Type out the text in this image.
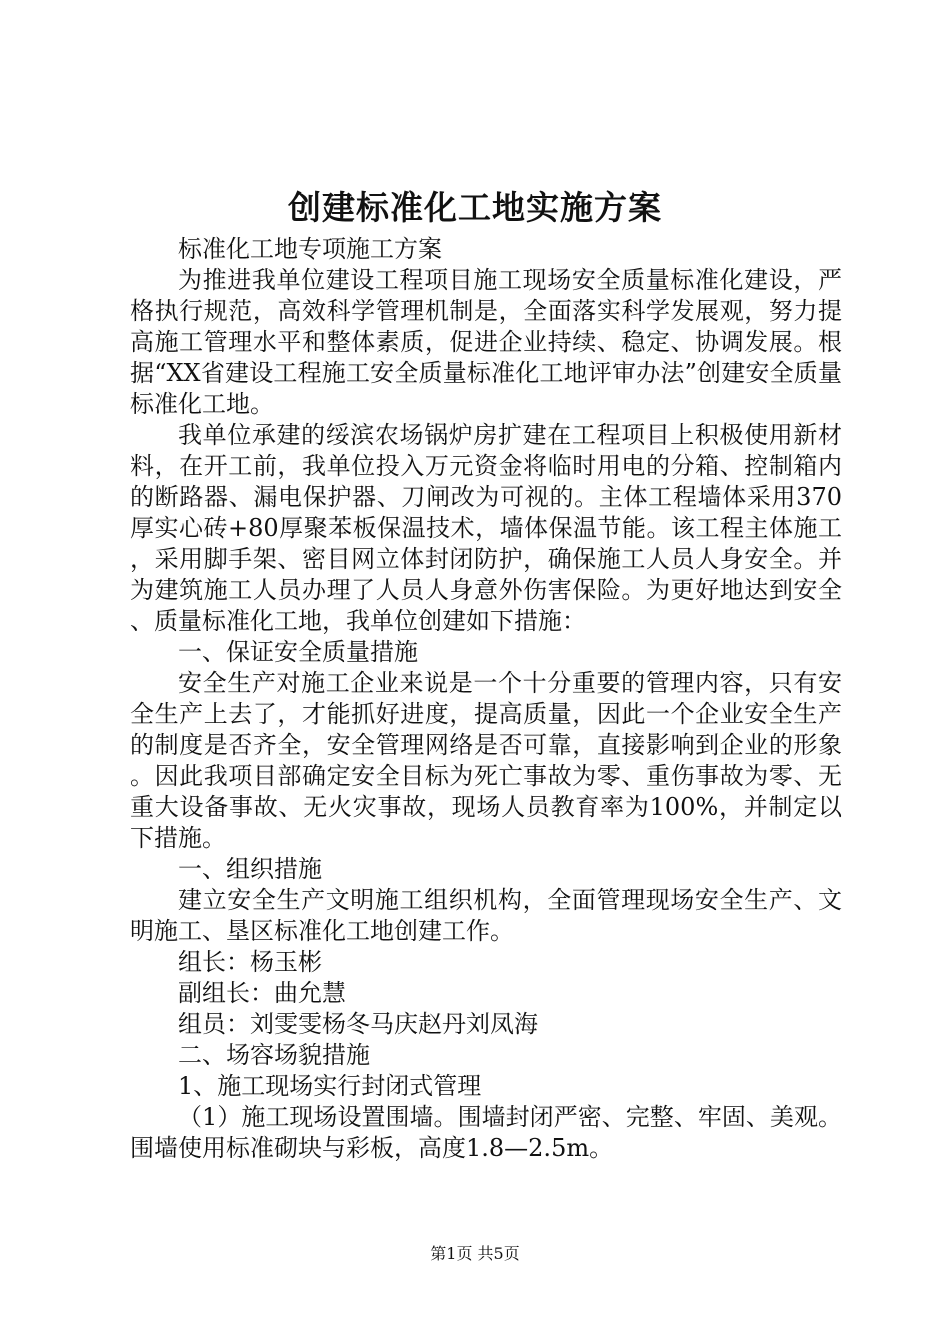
创建标准化工地实施方案

标准化工地专项施工方案

为推进我单位建设工程项目施工现场安全质量标准化建设，严格执行规范，高效科学管理机制是，全面落实科学发展观，努力提高施工管理水平和整体素质，促进企业持续、稳定、协调发展。根据“XX省建设工程施工安全质量标准化工地评审办法”创建安全质量标准化工地。

我单位承建的绥滨农场锅炉房扩建在工程项目上积极使用新材料，在开工前，我单位投入万元资金将临时用电的分箱、控制箱内的断路器、漏电保护器、刀闸改为可视的。主体工程墙体采用370厚实心砖+80厚聚苯板保温技术，墙体保温节能。该工程主体施工，采用脚手架、密目网立体封闭防护，确保施工人员人身安全。并为建筑施工人员办理了人员人身意外伤害保险。为更好地达到安全、质量标准化工地，我单位创建如下措施：

一、保证安全质量措施

安全生产对施工企业来说是一个十分重要的管理内容，只有安全生产上去了，才能抓好进度，提高质量，因此一个企业安全生产的制度是否齐全，安全管理网络是否可靠，直接影响到企业的形象。因此我项目部确定安全目标为死亡事故为零、重伤事故为零、无重大设备事故、无火灾事故，现场人员教育率为100%，并制定以下措施。

一、组织措施

建立安全生产文明施工组织机构，全面管理现场安全生产、文明施工、垦区标准化工地创建工作。

组长：杨玉彬

副组长：曲允慧

组员：刘雯雯杨冬马庆赵丹刘凤海

二、场容场貌措施

1、施工现场实行封闭式管理

（1）施工现场设置围墙。围墙封闭严密、完整、牢固、美观。围墙使用标准砌块与彩板，高度1.8—2.5m。

第1页 共5页
